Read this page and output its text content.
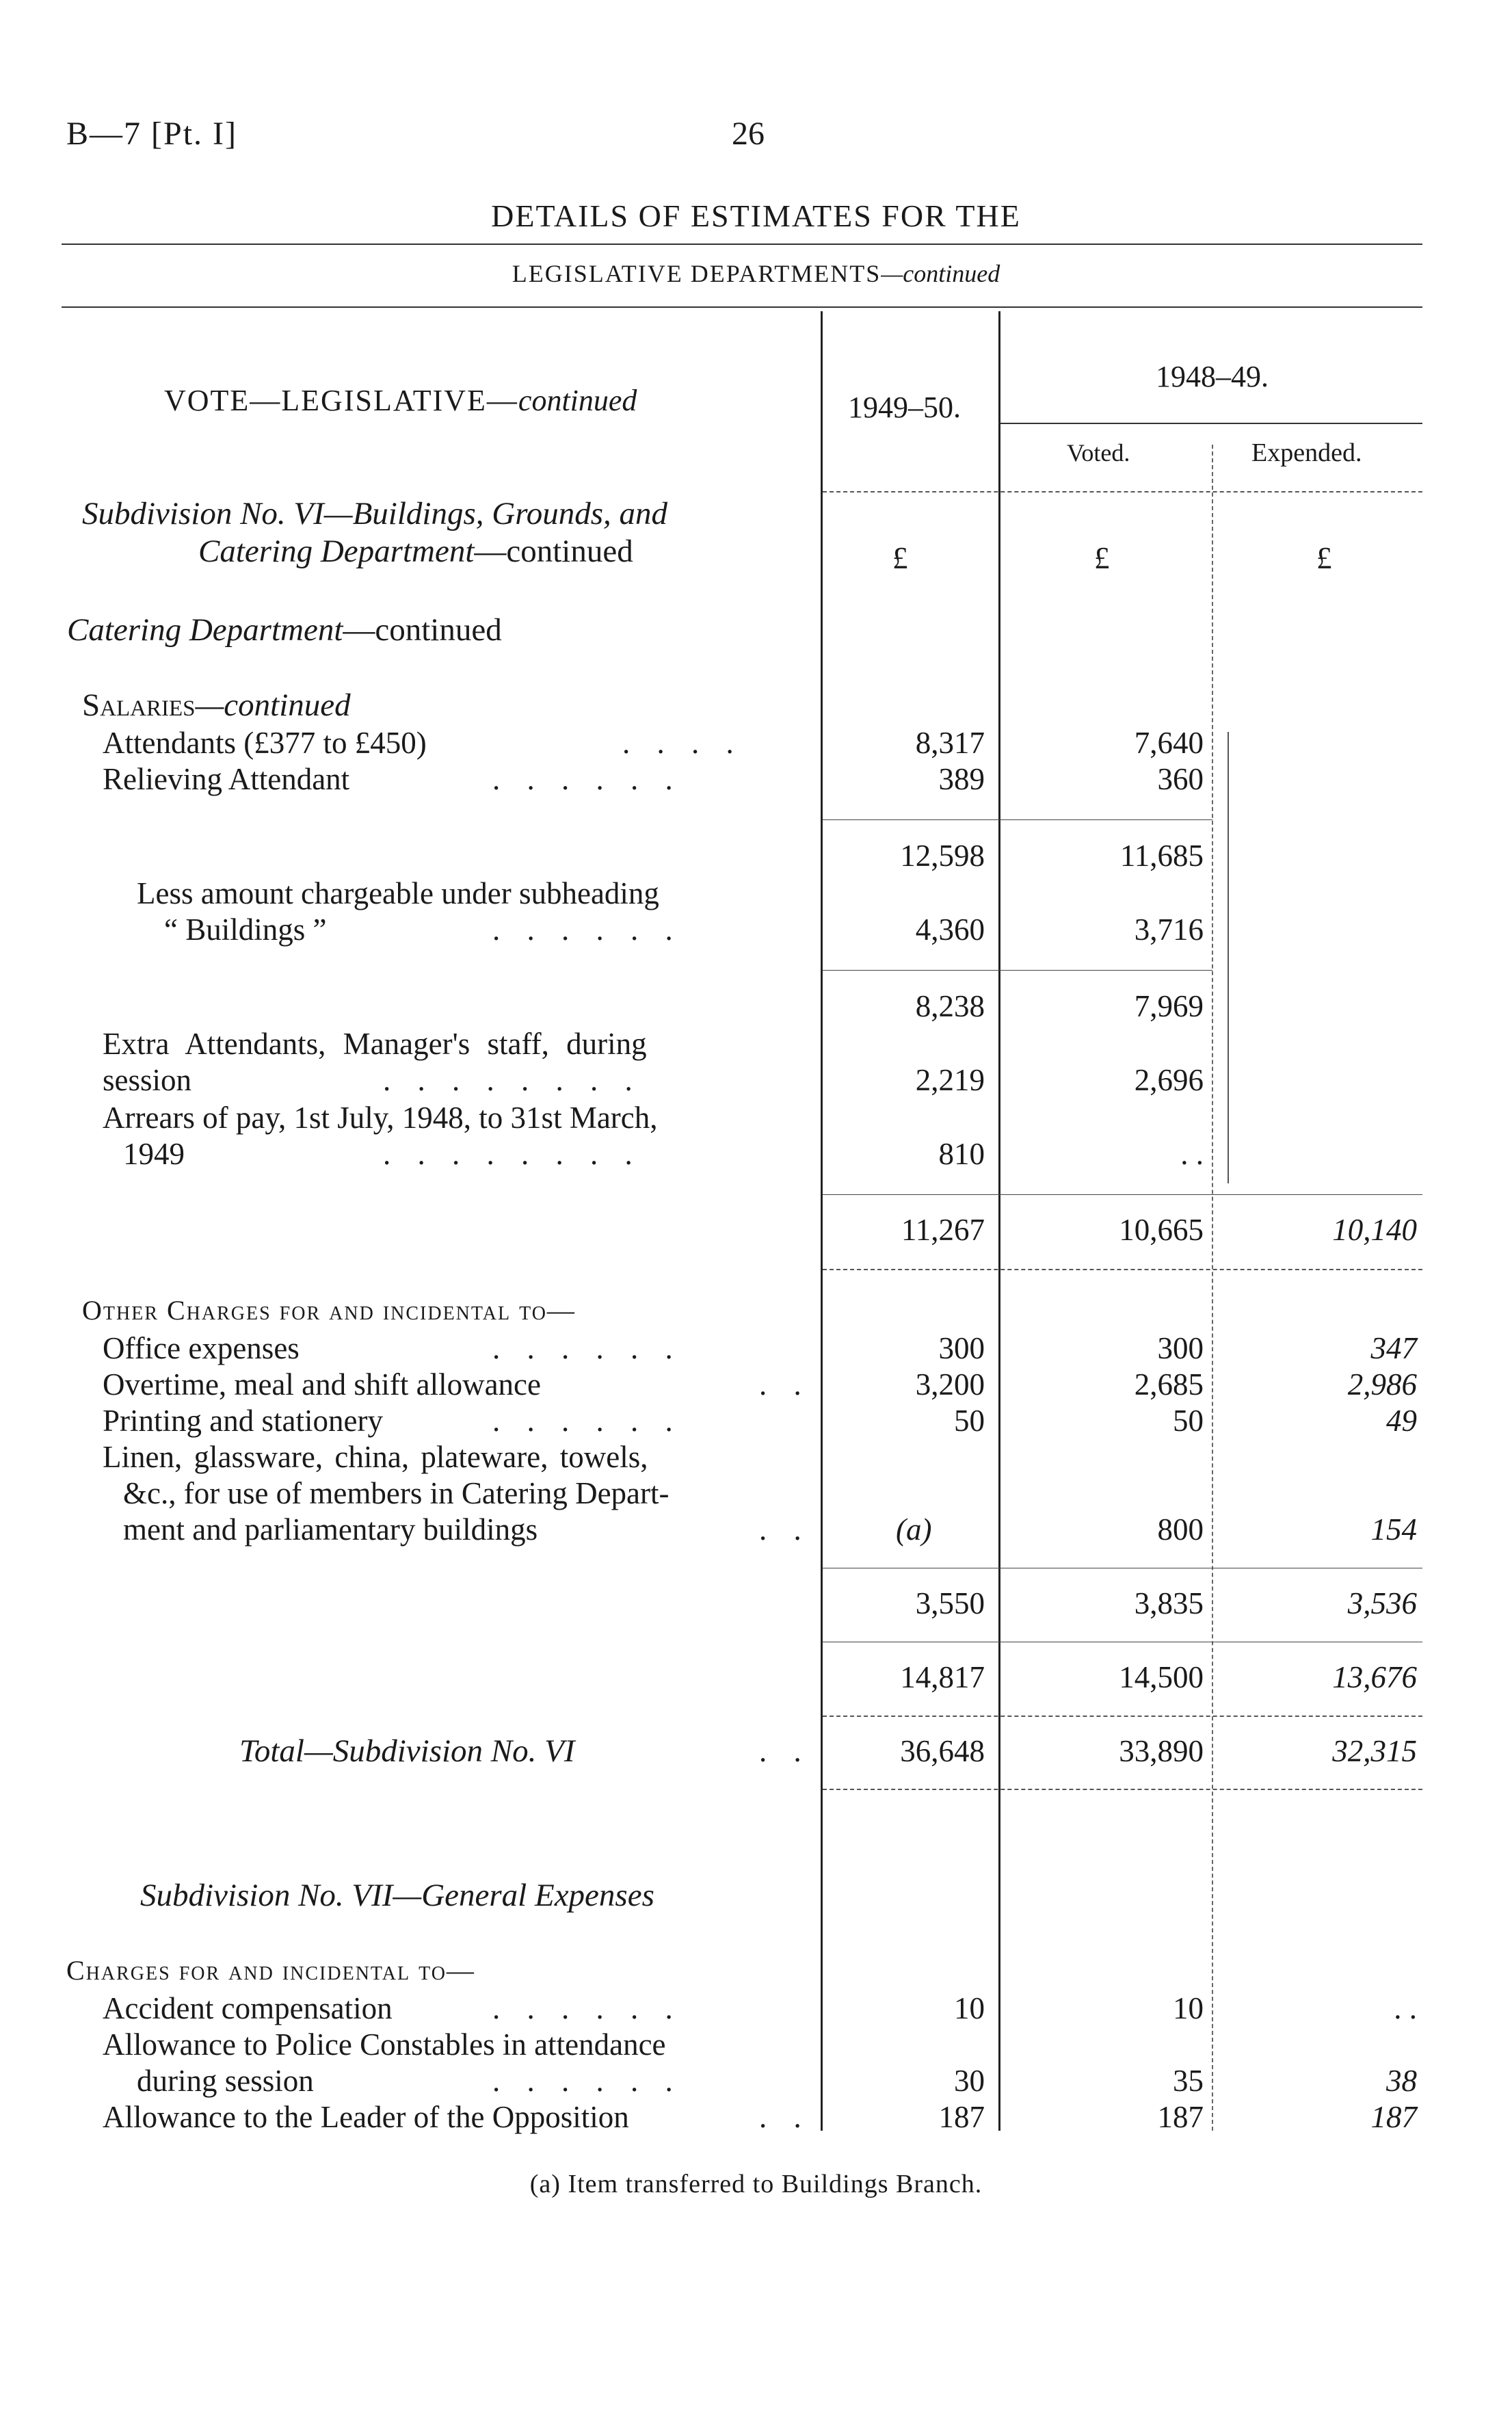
B—7 [Pt. I]	26
DETAILS OF ESTIMATES FOR THE
LEGISLATIVE DEPARTMENTS—continued
VOTE—LEGISLATIVE—continued	1949–50.
1948–49.
Voted.	Expended.
Subdivision No. VI—Buildings, Grounds, and
Catering Department—continued	£	£	£
Catering Department—continued
Salaries—continued
Attendants (£377 to £450)	. . . .	8,317	7,640
Relieving Attendant	. . . . . .	389	360
12,598	11,685
Less amount chargeable under subheading
“ Buildings ”	. . . . . .	4,360	3,716
8,238	7,969
Extra Attendants, Manager's staff, during
session	. . . . . . . .	2,219	2,696
Arrears of pay, 1st July, 1948, to 31st March,
1949	. . . . . . . .	810	. .
11,267	10,665	10,140
Other Charges for and incidental to—
Office expenses	. . . . . .	300	300	347
Overtime, meal and shift allowance	. .	3,200	2,685	2,986
Printing and stationery	. . . . . .	50	50	49
Linen, glassware, china, plateware, towels,
&c., for use of members in Catering Depart-
ment and parliamentary buildings	. .	(a)	800	154
3,550	3,835	3,536
14,817	14,500	13,676
Total—Subdivision No. VI	. .	36,648	33,890	32,315
Subdivision No. VII—General Expenses
Charges for and incidental to—
Accident compensation	. . . . . .	10	10	. .
Allowance to Police Constables in attendance
during session	. . . . . .	30	35	38
Allowance to the Leader of the Opposition	. .	187	187	187
(a) Item transferred to Buildings Branch.
